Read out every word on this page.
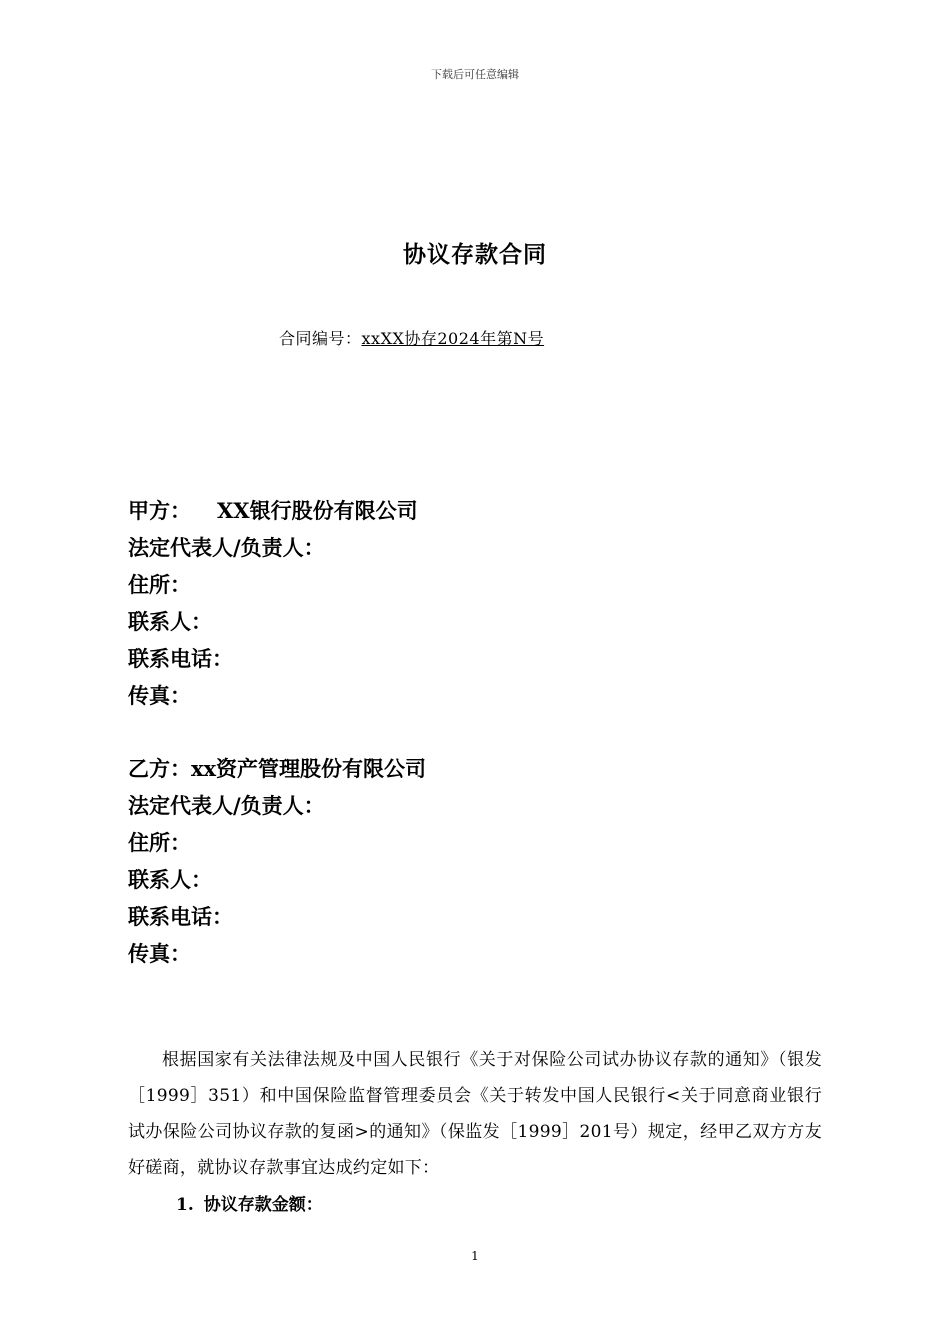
下载后可任意编辑
协议存款合同
合同编号：xxXX协存2024年第N号
甲方： XX银行股份有限公司
法定代表人/负责人：
住所：
联系人：
联系电话：
传真：
乙方：xx资产管理股份有限公司
法定代表人/负责人：
住所：
联系人：
联系电话：
传真：

根据国家有关法律法规及中国人民银行《关于对保险公司试办协议存款的通知》（银发［1999］351）和中国保险监督管理委员会《关于转发中国人民银行<关于同意商业银行试办保险公司协议存款的复函>的通知》（保监发［1999］201号）规定，经甲乙双方方友好磋商，就协议存款事宜达成约定如下：

1. 协议存款金额：
1
